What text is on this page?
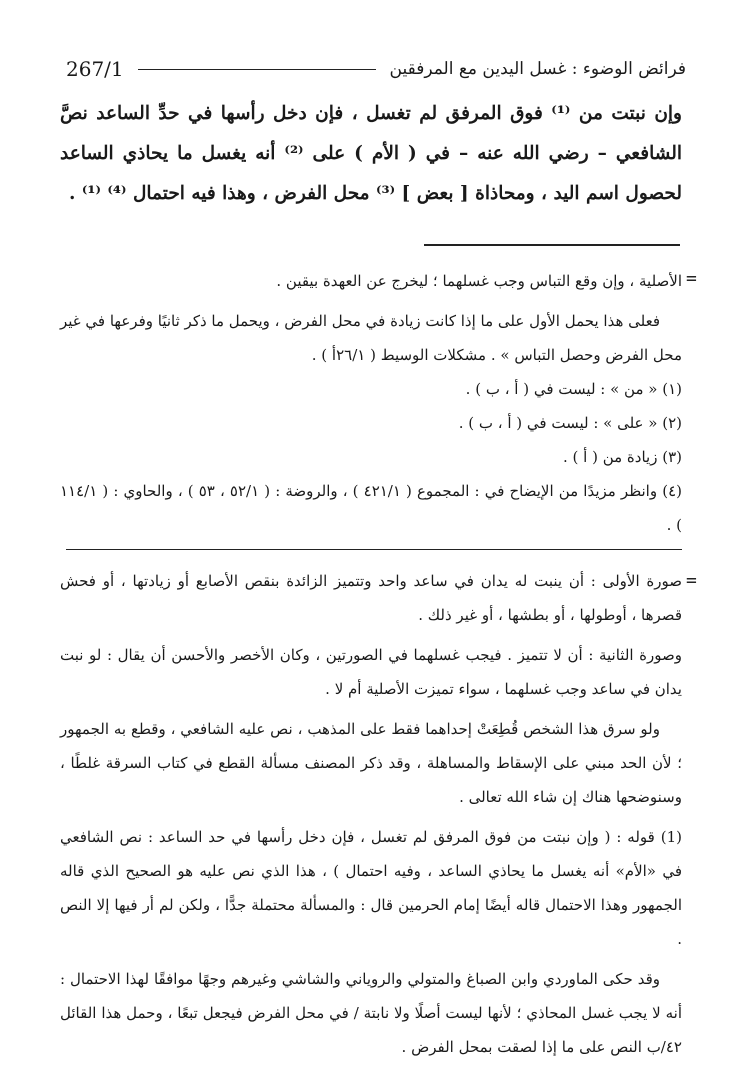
267/1	فرائض الوضوء : غسل اليدين مع المرفقين

وإن نبتت من ⁽¹⁾ فوق المرفق لم تغسل ، فإن دخل رأسها في حدِّ الساعد نصَّ الشافعي – رضي الله عنه – في ( الأم ) على ⁽²⁾ أنه يغسل ما يحاذي الساعد لحصول اسم اليد ، ومحاذاة [ بعض ] ⁽³⁾ محل الفرض ، وهذا فيه احتمال ⁽⁴⁾ ⁽¹⁾ .

=

الأصلية ، وإن وقع التباس وجب غسلهما ؛ ليخرج عن العهدة بيقين .

فعلى هذا يحمل الأول على ما إذا كانت زيادة في محل الفرض ، ويحمل ما ذكر ثانيًا وفرعها في غير محل الفرض وحصل التباس » . مشكلات الوسيط ( ٢٦/١أ ) .

(١) « من » : ليست في ( أ ، ب ) .

(٢) « على » : ليست في ( أ ، ب ) .

(٣) زيادة من ( أ ) .

(٤) وانظر مزيدًا من الإيضاح في : المجموع ( ٤٢١/١ ) ، والروضة : ( ٥٢/١ ، ٥٣ ) ، والحاوي : ( ١١٤/١ ) .

=

صورة الأولى : أن ينبت له يدان في ساعد واحد وتتميز الزائدة بنقص الأصابع أو زيادتها ، أو فحش قصرها ، أوطولها ، أو بطشها ، أو غير ذلك .

وصورة الثانية : أن لا تتميز . فيجب غسلهما في الصورتين ، وكان الأخصر والأحسن أن يقال : لو نبت يدان في ساعد وجب غسلهما ، سواء تميزت الأصلية أم لا .

ولو سرق هذا الشخص قُطِعَتْ إحداهما فقط على المذهب ، نص عليه الشافعي ، وقطع به الجمهور ؛ لأن الحد مبني على الإسقاط والمساهلة ، وقد ذكر المصنف مسألة القطع في كتاب السرقة غلطًا ، وسنوضحها هناك إن شاء الله تعالى .

(1) قوله : ( وإن نبتت من فوق المرفق لم تغسل ، فإن دخل رأسها في حد الساعد : نص الشافعي في «الأم» أنه يغسل ما يحاذي الساعد ، وفيه احتمال ) ، هذا الذي نص عليه هو الصحيح الذي قاله الجمهور وهذا الاحتمال قاله أيضًا إمام الحرمين قال : والمسألة محتملة جدًّا ، ولكن لم أر فيها إلا النص .

وقد حكى الماوردي وابن الصباغ والمتولي والروياني والشاشي وغيرهم وجهًا موافقًا لهذا الاحتمال : أنه لا يجب غسل المحاذي ؛ لأنها ليست أصلًا ولا نابتة / في محل الفرض فيجعل تبعًا ، وحمل هذا القائل ٤٢/ب النص على ما إذا لصقت بمحل الفرض .
